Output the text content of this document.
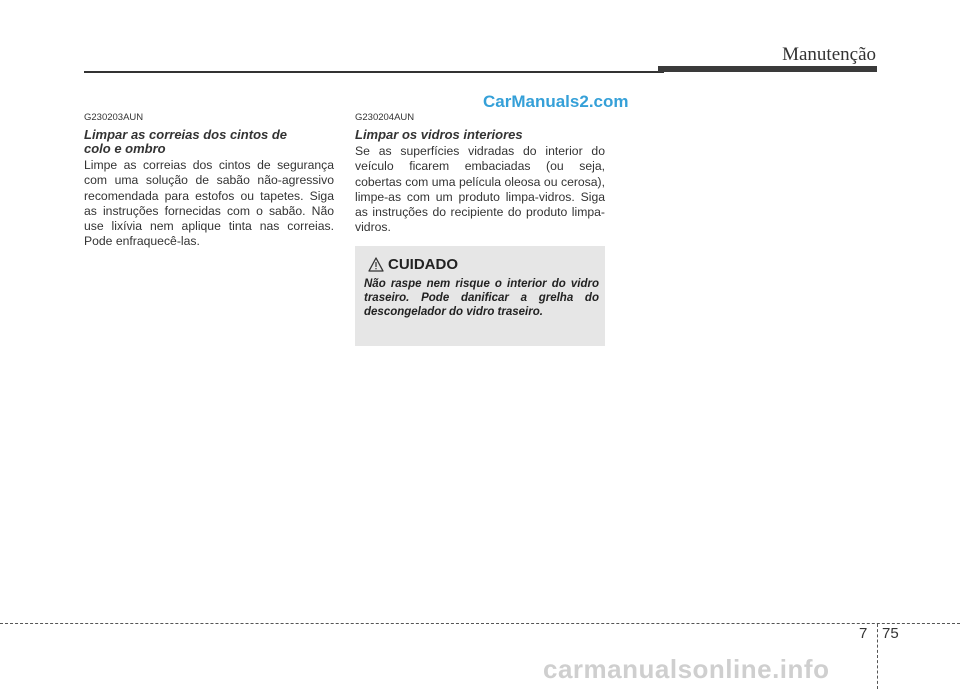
Manutenção
CarManuals2.com
G230203AUN
Limpar as correias dos cintos de
colo e ombro
Limpe as correias dos cintos de segurança com uma solução de sabão não-agressivo recomendada para estofos ou tapetes. Siga as instruções fornecidas com o sabão. Não use lixívia nem aplique tinta nas correias. Pode enfraquecê-las.
G230204AUN
Limpar os vidros interiores
Se as superfícies vidradas do interior do veículo ficarem embaciadas (ou seja, cobertas com uma película oleosa ou cerosa), limpe-as com um produto limpa-vidros. Siga as instruções do recipiente do produto limpa-vidros.
CUIDADO
Não raspe nem risque o interior do vidro traseiro. Pode danificar a grelha do descongelador do vidro traseiro.
7 75
carmanualsonline.info
